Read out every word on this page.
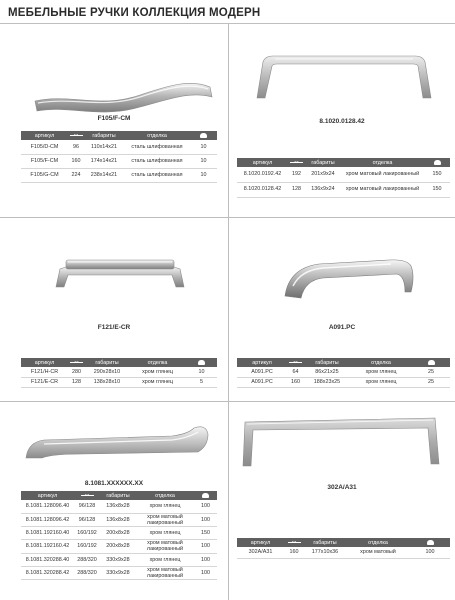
МЕБЕЛЬНЫЕ РУЧКИ КОЛЛЕКЦИЯ МОДЕРН
F105/F-CM
артикул	↔	габариты	отделка	
F105/D-CM	96	110x14x21	сталь шлифованная	10
F105/F-CM	160	174x14x21	сталь шлифованная	10
F105/G-CM	224	238x14x21	сталь шлифованная	10
8.1020.0128.42
артикул	↔	габариты	отделка	
8.1020.0192.42	192	201x9x24	хром матовый лакированный	150
8.1020.0128.42	128	136x9x24	хром матовый лакированный	150
F121/E-CR
артикул	↔	габариты	отделка	
F121/H-CR	280	290x28x10	хром глянец	10
F121/E-CR	128	138x28x10	хром глянец	5
A091.PC
артикул	↔	габариты	отделка	
A091.PC	64	86x21x25	хром глянец	25
A091.PC	160	188x23x25	хром глянец	25
8.1081.XXXXXX.XX
артикул	↔	габариты	отделка	
8.1081.128096.40	96/128	136x8x28	хром глянец	100
8.1081.128096.42	96/128	136x8x28	хром матовый лакированный	100
8.1081.192160.40	160/192	200x8x28	хром глянец	150
8.1081.192160.42	160/192	200x8x28	хром матовый лакированный	100
8.1081.320288.40	288/320	330x9x28	хром глянец	100
8.1081.320288.42	288/320	330x9x28	хром матовый лакированный	100
302A/A31
артикул	↔	габариты	отделка	
302A/A31	160	177x10x36	хром матовый	100
